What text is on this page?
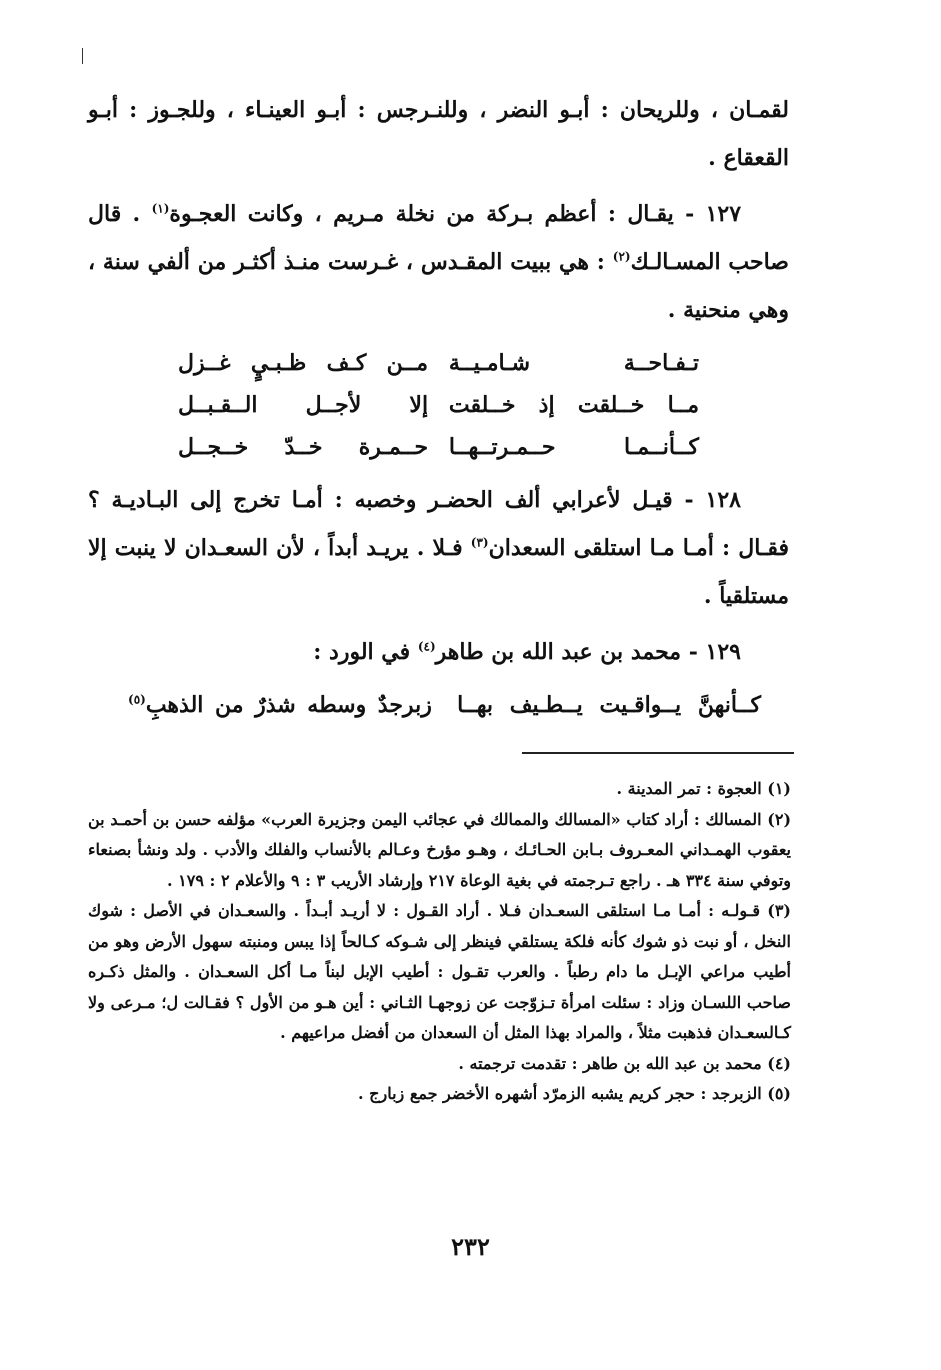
لقمـان ، وللريحان : أبـو النضر ، وللنـرجس : أبـو العينـاء ، وللجـوز : أبـو القعقاع .

١٢٧ - يقـال : أعظم بـركة من نخلة مـريم ، وكانت العجـوة$^{(١)}$ . قال صاحب المسـالـك$^{(٢)}$ : هي ببيت المقـدس ، غـرست منـذ أكثـر من ألفي سنة ، وهي منحنية .

تـفـاحــة شـامـيــة
مــن كـف ظـبـيٍ غــزل
مــا خــلقت إذ خــلقت
إلا لأجــل الــقـبــل
كــأنــمـا حــمـرتــهــا
حــمـرة خــدّ خــجــل

١٢٨ - قيـل لأعرابي ألف الحضـر وخصبه : أمـا تخرج إلى البـاديـة ؟ فقـال : أمـا مـا استلقى السعدان$^{(٣)}$ فـلا . يريـد أبداً ، لأن السعـدان لا ينبت إلا مستلقياً .

١٢٩ - محمد بن عبد الله بن طاهر$^{(٤)}$ في الورد :

كــأنهنَّ يــواقـيت يــطـيف بهــا
زبرجدٌ وسطه شذرٌ من الذهبِ$^{(٥)}$

(١) العجوة : تمر المدينة .

(٢) المسالك : أراد كتاب «المسالك والممالك في عجائب اليمن وجزيرة العرب» مؤلفه حسن بن أحمـد بن يعقوب الهمـداني المعـروف بـابن الحـائـك ، وهـو مؤرخ وعـالم بالأنساب والفلك والأدب . ولد ونشأ بصنعاء وتوفي سنة ٣٣٤ هـ . راجع تـرجمته في بغية الوعاة ٢١٧ وإرشاد الأريب ٣ : ٩ والأعلام ٢ : ١٧٩ .

(٣) قـولـه : أمـا مـا استلقى السعـدان فـلا . أراد القـول : لا أريـد أبـداً . والسعـدان في الأصل : شوك النخل ، أو نبت ذو شوك كأنه فلكة يستلقي فينظر إلى شـوكه كـالحاً إذا يبس ومنبته سهول الأرض وهو من أطيب مراعي الإبـل ما دام رطباً . والعرب تقـول : أطيب الإبل لبناً مـا أكل السعـدان . والمثل ذكـره صاحب اللسـان وزاد : سئلت امرأة تـزوّجت عن زوجهـا الثـاني : أين هـو من الأول ؟ فقـالت ل؛ مـرعى ولا كـالسعـدان فذهبت مثلاً ، والمراد بهذا المثل أن السعدان من أفضل مراعيهم .

(٤) محمد بن عبد الله بن طاهر : تقدمت ترجمته .

(٥) الزبرجد : حجر كريم يشبه الزمرّد أشهره الأخضر جمع زبارج .

٢٣٢
